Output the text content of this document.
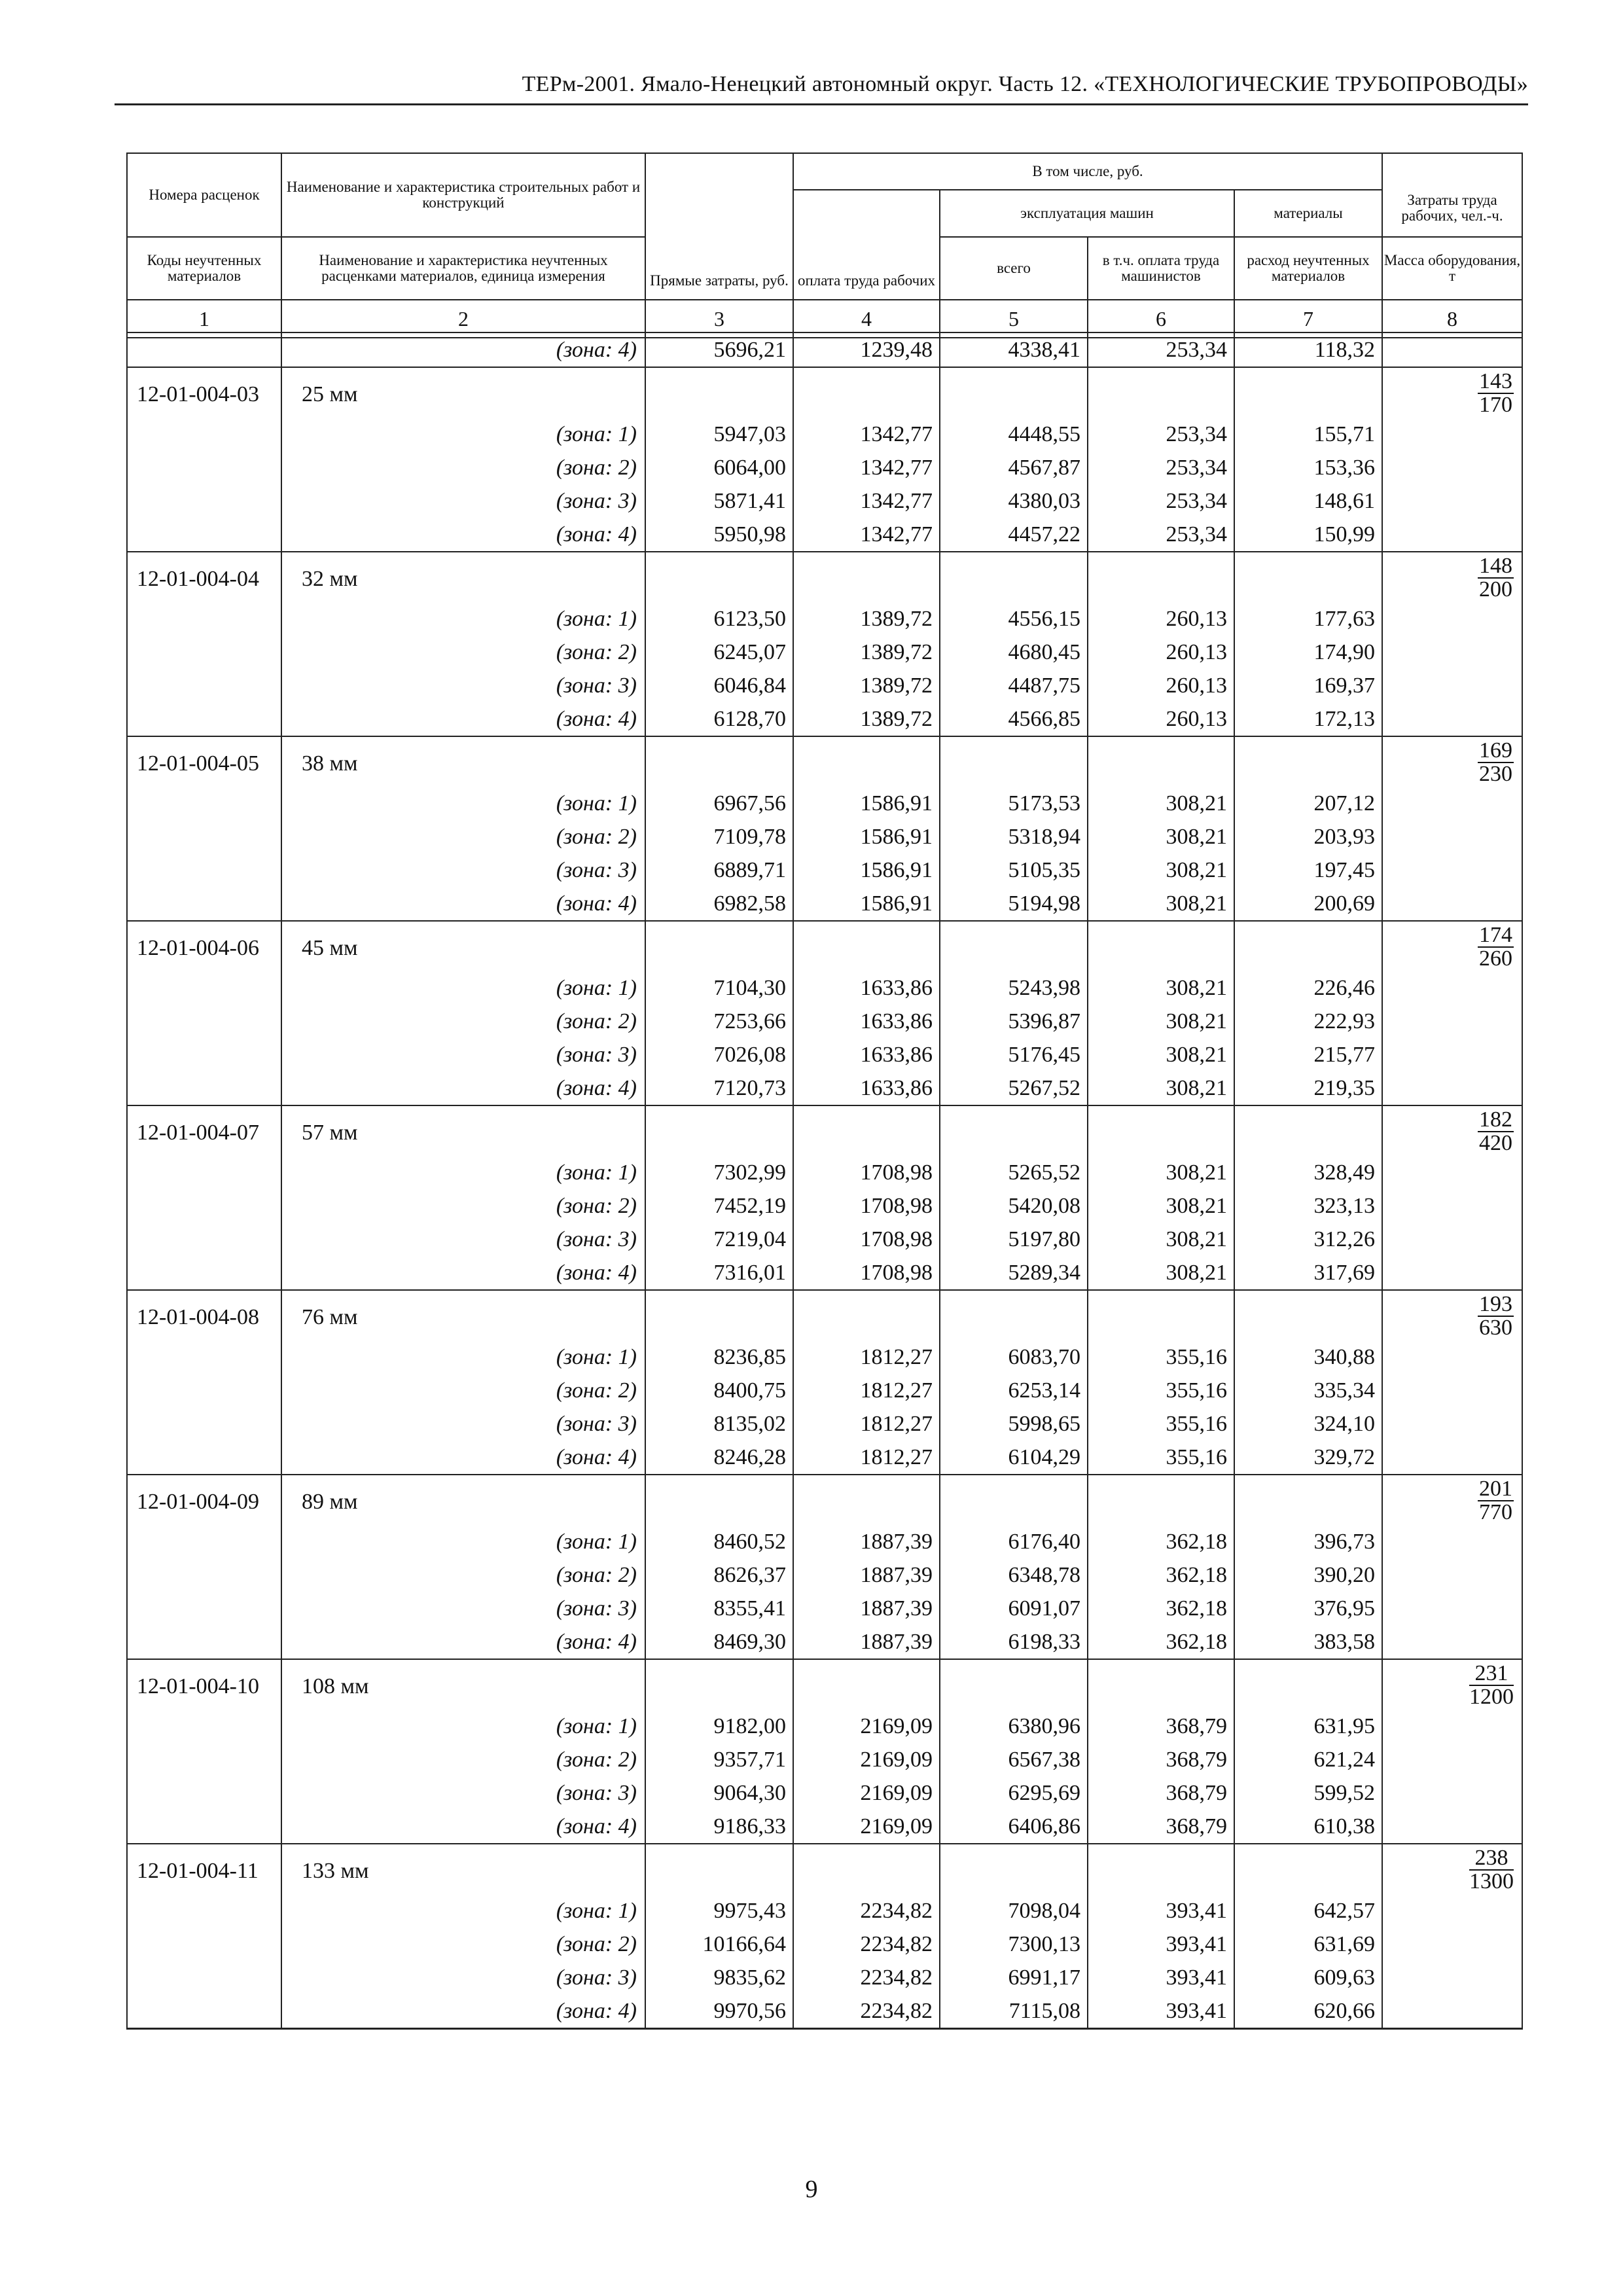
ТЕРм-2001. Ямало-Ненецкий автономный округ. Часть 12. «ТЕХНОЛОГИЧЕСКИЕ ТРУБОПРОВОДЫ»
Номера расценок	Наименование и характеристика строительных работ и конструкций	Прямые затраты, руб.	В том числе, руб.				Затраты труда рабочих, чел.-ч.
			оплата труда рабочих	эксплуатация машин		материалы	
Коды неучтенных материалов	Наименование и характеристика неучтенных расценками материалов, единица измерения			всего	в т.ч. оплата труда машинистов	расход неучтенных материалов	Масса оборудования, т
1	2	3	4	5	6	7	8
	(зона: 4)	5696,21	1239,48	4338,41	253,34	118,32	
12-01-004-03	25 мм						$\frac{143}{170}$

	(зона: 1)	5947,03	1342,77	4448,55	253,34	155,71	
	(зона: 2)	6064,00	1342,77	4567,87	253,34	153,36	
	(зона: 3)	5871,41	1342,77	4380,03	253,34	148,61	
	(зона: 4)	5950,98	1342,77	4457,22	253,34	150,99	
12-01-004-04	32 мм						$\frac{148}{200}$

	(зона: 1)	6123,50	1389,72	4556,15	260,13	177,63	
	(зона: 2)	6245,07	1389,72	4680,45	260,13	174,90	
	(зона: 3)	6046,84	1389,72	4487,75	260,13	169,37	
	(зона: 4)	6128,70	1389,72	4566,85	260,13	172,13	
12-01-004-05	38 мм						$\frac{169}{230}$

	(зона: 1)	6967,56	1586,91	5173,53	308,21	207,12	
	(зона: 2)	7109,78	1586,91	5318,94	308,21	203,93	
	(зона: 3)	6889,71	1586,91	5105,35	308,21	197,45	
	(зона: 4)	6982,58	1586,91	5194,98	308,21	200,69	
12-01-004-06	45 мм						$\frac{174}{260}$

	(зона: 1)	7104,30	1633,86	5243,98	308,21	226,46	
	(зона: 2)	7253,66	1633,86	5396,87	308,21	222,93	
	(зона: 3)	7026,08	1633,86	5176,45	308,21	215,77	
	(зона: 4)	7120,73	1633,86	5267,52	308,21	219,35	
12-01-004-07	57 мм						$\frac{182}{420}$

	(зона: 1)	7302,99	1708,98	5265,52	308,21	328,49	
	(зона: 2)	7452,19	1708,98	5420,08	308,21	323,13	
	(зона: 3)	7219,04	1708,98	5197,80	308,21	312,26	
	(зона: 4)	7316,01	1708,98	5289,34	308,21	317,69	
12-01-004-08	76 мм						$\frac{193}{630}$

	(зона: 1)	8236,85	1812,27	6083,70	355,16	340,88	
	(зона: 2)	8400,75	1812,27	6253,14	355,16	335,34	
	(зона: 3)	8135,02	1812,27	5998,65	355,16	324,10	
	(зона: 4)	8246,28	1812,27	6104,29	355,16	329,72	
12-01-004-09	89 мм						$\frac{201}{770}$

	(зона: 1)	8460,52	1887,39	6176,40	362,18	396,73	
	(зона: 2)	8626,37	1887,39	6348,78	362,18	390,20	
	(зона: 3)	8355,41	1887,39	6091,07	362,18	376,95	
	(зона: 4)	8469,30	1887,39	6198,33	362,18	383,58	
12-01-004-10	108 мм						$\frac{231}{1200}$

	(зона: 1)	9182,00	2169,09	6380,96	368,79	631,95	
	(зона: 2)	9357,71	2169,09	6567,38	368,79	621,24	
	(зона: 3)	9064,30	2169,09	6295,69	368,79	599,52	
	(зона: 4)	9186,33	2169,09	6406,86	368,79	610,38	
12-01-004-11	133 мм						$\frac{238}{1300}$

	(зона: 1)	9975,43	2234,82	7098,04	393,41	642,57	
	(зона: 2)	10166,64	2234,82	7300,13	393,41	631,69	
	(зона: 3)	9835,62	2234,82	6991,17	393,41	609,63	
	(зона: 4)	9970,56	2234,82	7115,08	393,41	620,66	
9
